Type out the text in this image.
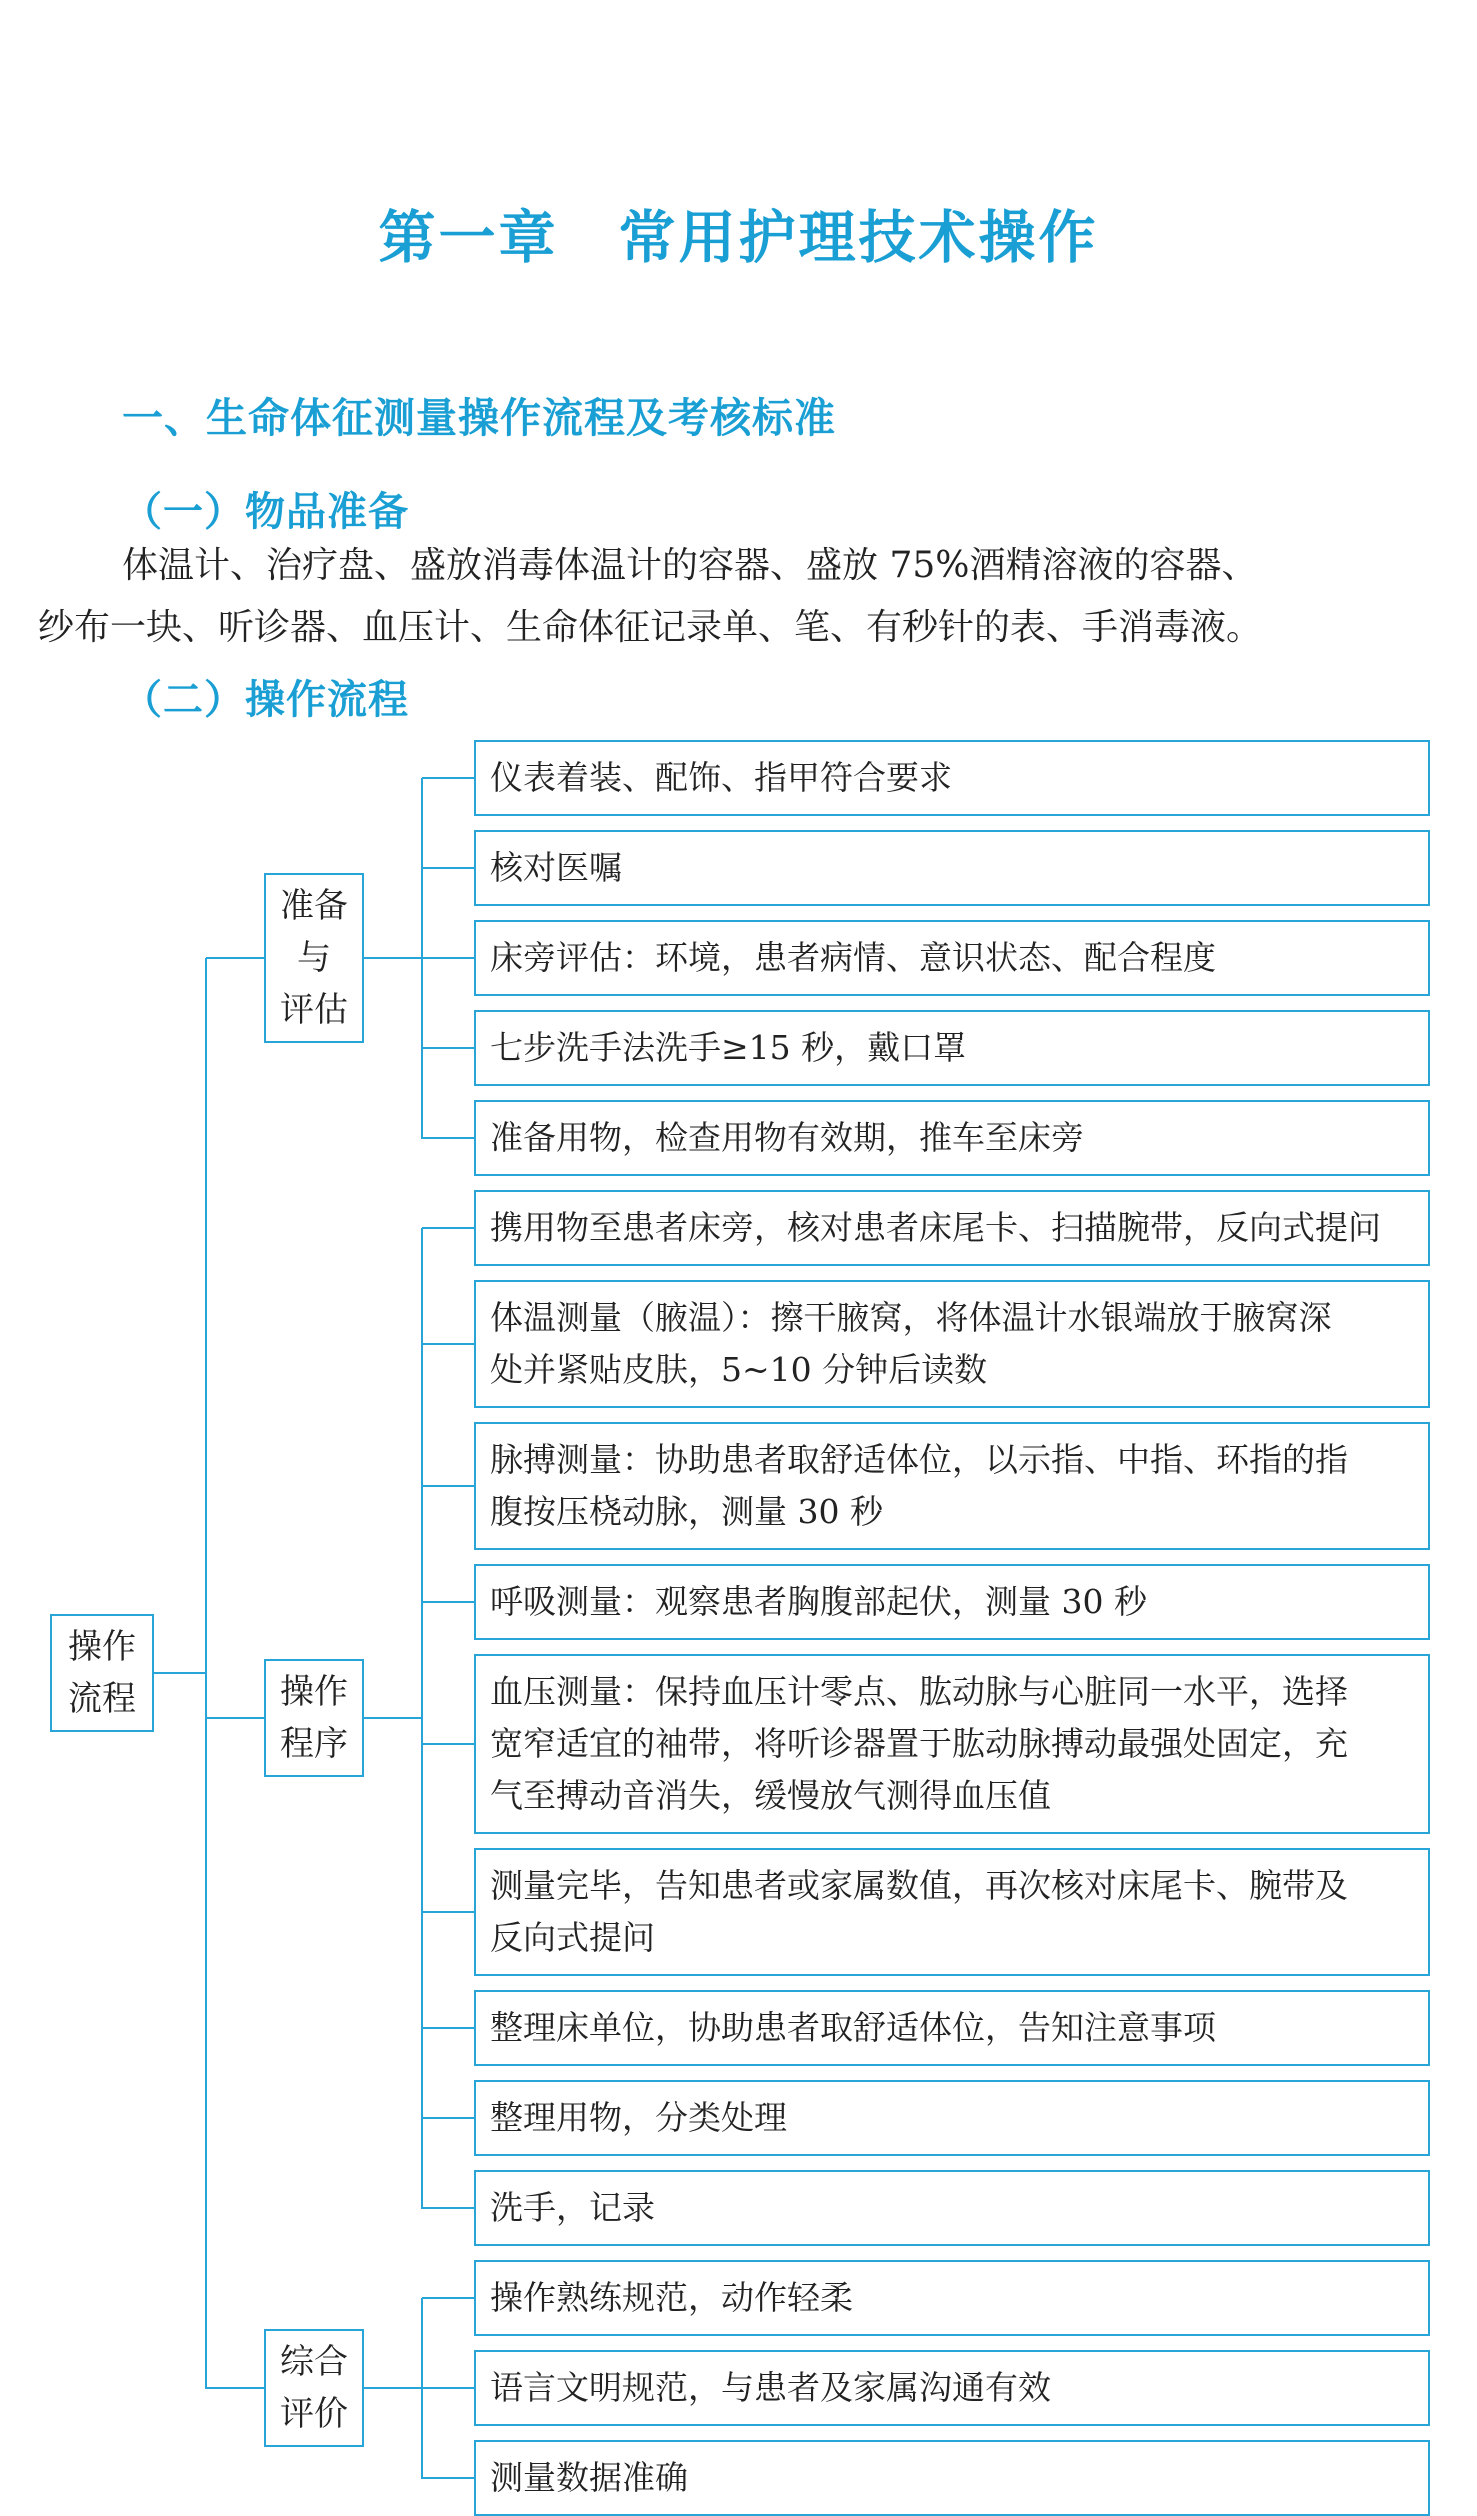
第一章 常用护理技术操作
一、生命体征测量操作流程及考核标准
（一）物品准备
体温计、治疗盘、盛放消毒体温计的容器、盛放 75%酒精溶液的容器、
纱布一块、听诊器、血压计、生命体征记录单、笔、有秒针的表、手消毒液。
（二）操作流程
仪表着装、配饰、指甲符合要求
核对医嘱
床旁评估：环境，患者病情、意识状态、配合程度
七步洗手法洗手≥15 秒，戴口罩
准备用物，检查用物有效期，推车至床旁
准备
与
评估
携用物至患者床旁，核对患者床尾卡、扫描腕带，反向式提问
体温测量（腋温）：擦干腋窝，将体温计水银端放于腋窝深
处并紧贴皮肤，5~10 分钟后读数
脉搏测量：协助患者取舒适体位，以示指、中指、环指的指
腹按压桡动脉，测量 30 秒
呼吸测量：观察患者胸腹部起伏，测量 30 秒
血压测量：保持血压计零点、肱动脉与心脏同一水平，选择
宽窄适宜的袖带，将听诊器置于肱动脉搏动最强处固定，充
气至搏动音消失，缓慢放气测得血压值
测量完毕，告知患者或家属数值，再次核对床尾卡、腕带及
反向式提问
整理床单位，协助患者取舒适体位，告知注意事项
整理用物，分类处理
洗手，记录
操作
程序
操作熟练规范，动作轻柔
语言文明规范，与患者及家属沟通有效
测量数据准确
综合
评价
操作
流程
